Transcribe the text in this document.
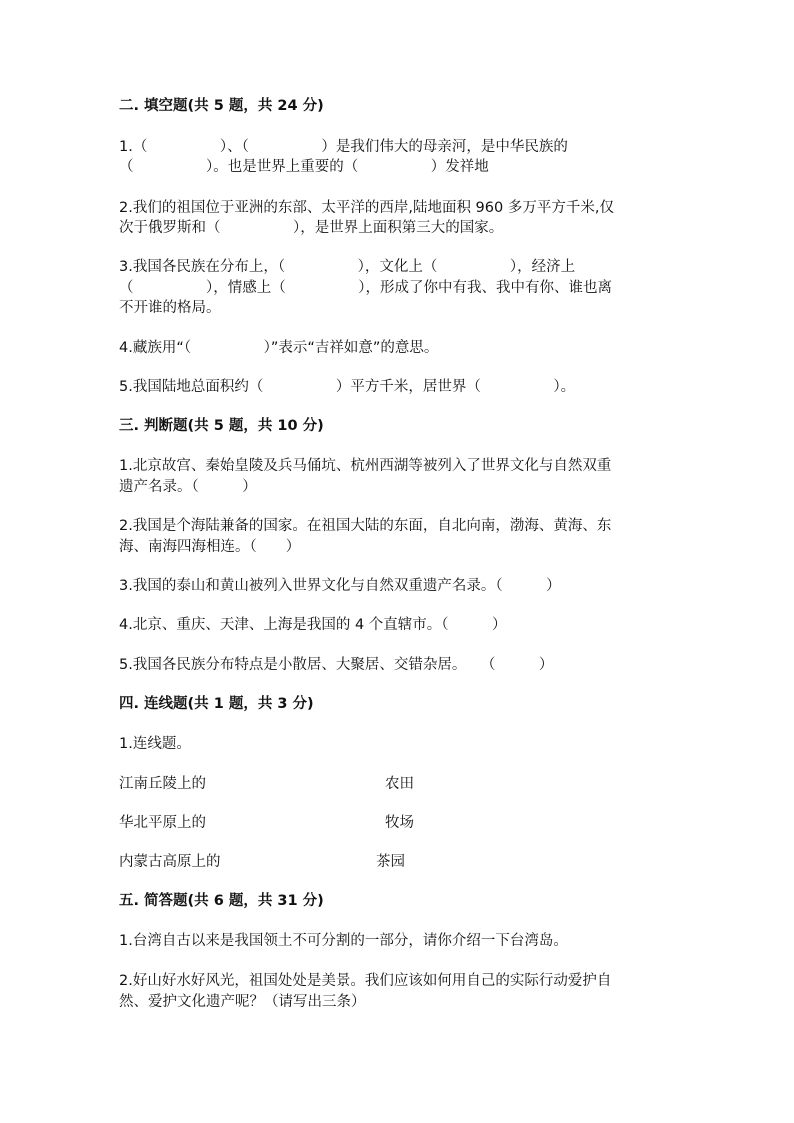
二. 填空题(共 5 题，共 24 分)
1.（　　　　　）、（　　　　　）是我们伟大的母亲河，是中华民族的
（　　　　　）。也是世界上重要的（　　　　　）发祥地
2.我们的祖国位于亚洲的东部、太平洋的西岸,陆地面积 960 多万平方千米,仅
次于俄罗斯和（　　　　　），是世界上面积第三大的国家。
3.我国各民族在分布上，（　　　　　），文化上（　　　　　），经济上
（　　　　　），情感上（　　　　　），形成了你中有我、我中有你、谁也离
不开谁的格局。
4.藏族用“（　　　　　）”表示“吉祥如意”的意思。
5.我国陆地总面积约（　　　　　）平方千米，居世界（　　　　　）。
三. 判断题(共 5 题，共 10 分)
1.北京故宫、秦始皇陵及兵马俑坑、杭州西湖等被列入了世界文化与自然双重
遗产名录。（　　　）
2.我国是个海陆兼备的国家。在祖国大陆的东面，自北向南，渤海、黄海、东
海、南海四海相连。（　　）
3.我国的泰山和黄山被列入世界文化与自然双重遗产名录。（　　　）
4.北京、重庆、天津、上海是我国的 4 个直辖市。（　　　）
5.我国各民族分布特点是小散居、大聚居、交错杂居。　　（　　　）
四. 连线题(共 1 题，共 3 分)
1.连线题。
江南丘陵上的	农田
华北平原上的	牧场
内蒙古高原上的	茶园
五. 简答题(共 6 题，共 31 分)
1.台湾自古以来是我国领土不可分割的一部分，请你介绍一下台湾岛。
2.好山好水好风光，祖国处处是美景。我们应该如何用自己的实际行动爱护自
然、爱护文化遗产呢？（请写出三条）
